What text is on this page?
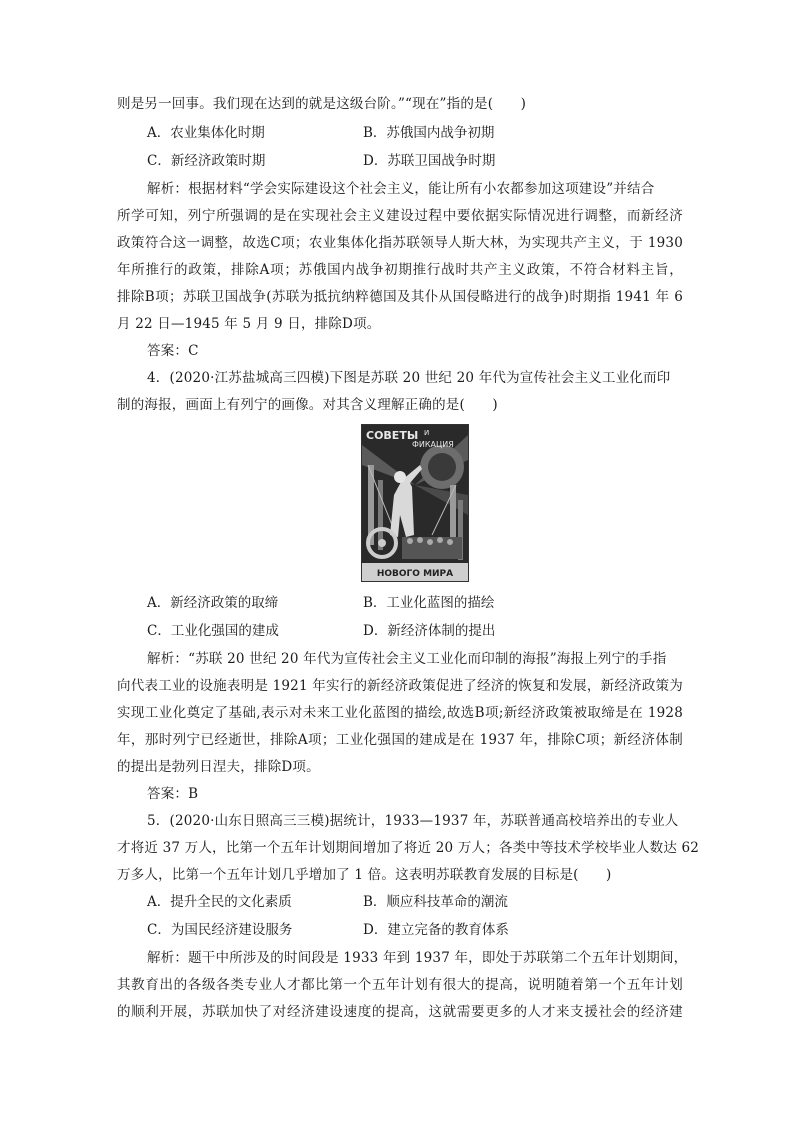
则是另一回事。我们现在达到的就是这级台阶。”“现在”指的是(　　)
A．农业集体化时期	B．苏俄国内战争初期
C．新经济政策时期	D．苏联卫国战争时期
解析：根据材料“学会实际建设这个社会主义，能让所有小农都参加这项建设”并结合
所学可知，列宁所强调的是在实现社会主义建设过程中要依据实际情况进行调整，而新经济
政策符合这一调整，故选C项；农业集体化指苏联领导人斯大林，为实现共产主义，于 1930
年所推行的政策，排除A项；苏俄国内战争初期推行战时共产主义政策，不符合材料主旨，
排除B项；苏联卫国战争(苏联为抵抗纳粹德国及其仆从国侵略进行的战争)时期指 1941 年 6
月 22 日—1945 年 5 月 9 日，排除D项。
答案：C
4．(2020·江苏盐城高三四模)下图是苏联 20 世纪 20 年代为宣传社会主义工业化而印
制的海报，画面上有列宁的画像。对其含义理解正确的是(　　)
НОВОГО МИРА
СОВЕТЫ И
ФИКАЦИЯ
A．新经济政策的取缔	B．工业化蓝图的描绘
C．工业化强国的建成	D．新经济体制的提出
解析：“苏联 20 世纪 20 年代为宣传社会主义工业化而印制的海报”海报上列宁的手指
向代表工业的设施表明是 1921 年实行的新经济政策促进了经济的恢复和发展，新经济政策为
实现工业化奠定了基础,表示对未来工业化蓝图的描绘,故选B项;新经济政策被取缔是在 1928
年，那时列宁已经逝世，排除A项；工业化强国的建成是在 1937 年，排除C项；新经济体制
的提出是勃列日涅夫，排除D项。
答案：B
5．(2020·山东日照高三三模)据统计，1933—1937 年，苏联普通高校培养出的专业人
才将近 37 万人，比第一个五年计划期间增加了将近 20 万人；各类中等技术学校毕业人数达 62
万多人，比第一个五年计划几乎增加了 1 倍。这表明苏联教育发展的目标是(　　)
A．提升全民的文化素质	B．顺应科技革命的潮流
C．为国民经济建设服务	D．建立完备的教育体系
解析：题干中所涉及的时间段是 1933 年到 1937 年，即处于苏联第二个五年计划期间，
其教育出的各级各类专业人才都比第一个五年计划有很大的提高，说明随着第一个五年计划
的顺利开展，苏联加快了对经济建设速度的提高，这就需要更多的人才来支援社会的经济建
